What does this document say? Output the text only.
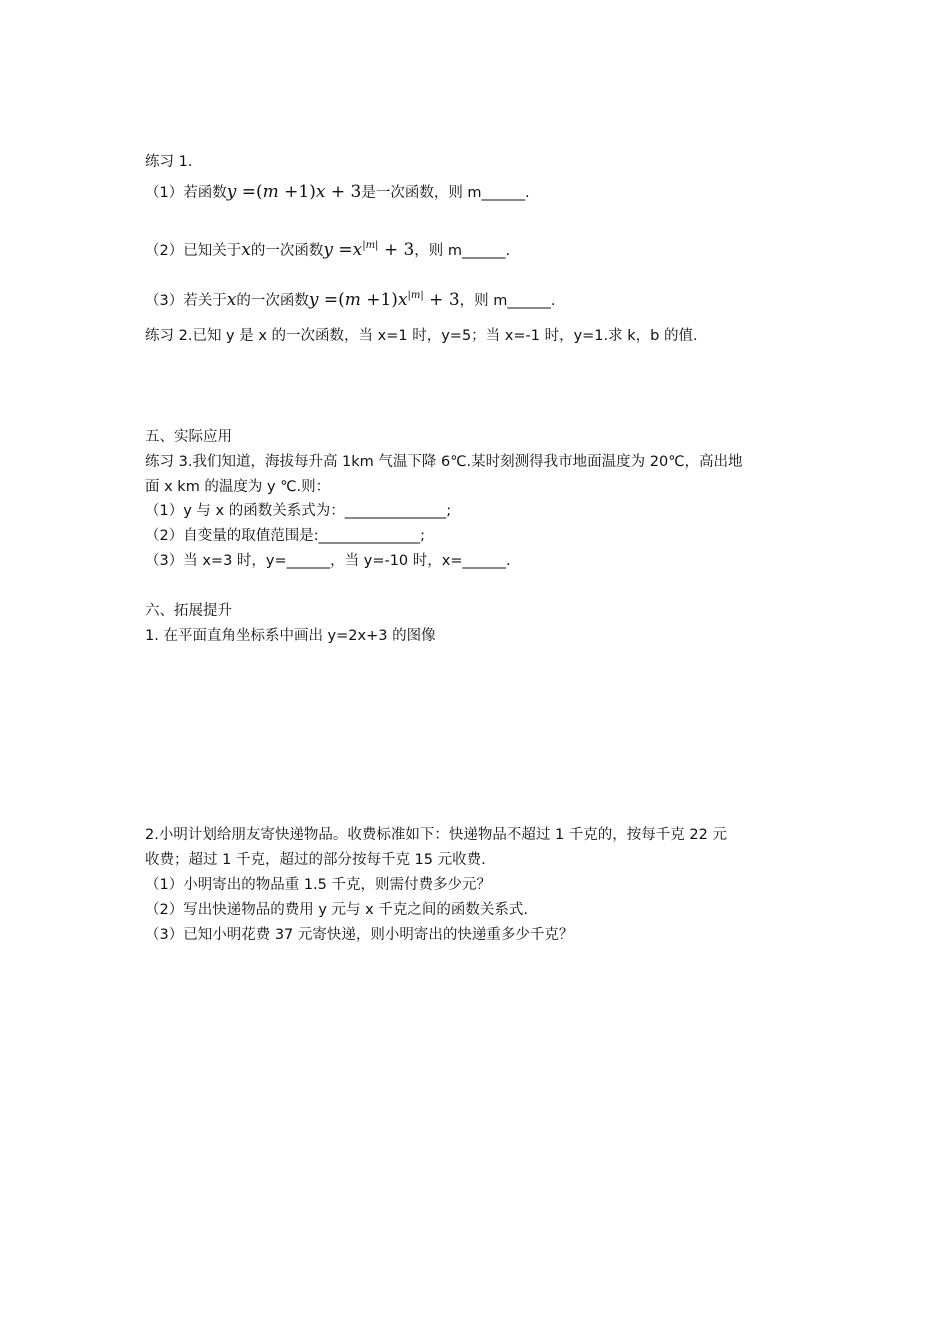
练习 1.
（1）若函数y =(m +1)x + 3是一次函数，则 m______.
（2）已知关于x的一次函数$y =x^{|m|} + 3$，则 m______.
（3）若关于x的一次函数$y =(m +1)x^{|m|} + 3$，则 m______.
练习 2.已知 y 是 x 的一次函数，当 x=1 时，y=5；当 x=-1 时，y=1.求 k，b 的值.
五、实际应用
练习 3.我们知道，海拔每升高 1km 气温下降 6℃.某时刻测得我市地面温度为 20℃，高出地
面 x km 的温度为 y ℃.则：
（1）y 与 x 的函数关系式为：______________;
（2）自变量的取值范围是:______________;
（3）当 x=3 时，y=______，当 y=-10 时，x=______.
六、拓展提升
1. 在平面直角坐标系中画出 y=2x+3 的图像
2.小明计划给朋友寄快递物品。收费标准如下：快递物品不超过 1 千克的，按每千克 22 元
收费；超过 1 千克，超过的部分按每千克 15 元收费.
（1）小明寄出的物品重 1.5 千克，则需付费多少元？
（2）写出快递物品的费用 y 元与 x 千克之间的函数关系式.
（3）已知小明花费 37 元寄快递，则小明寄出的快递重多少千克？
